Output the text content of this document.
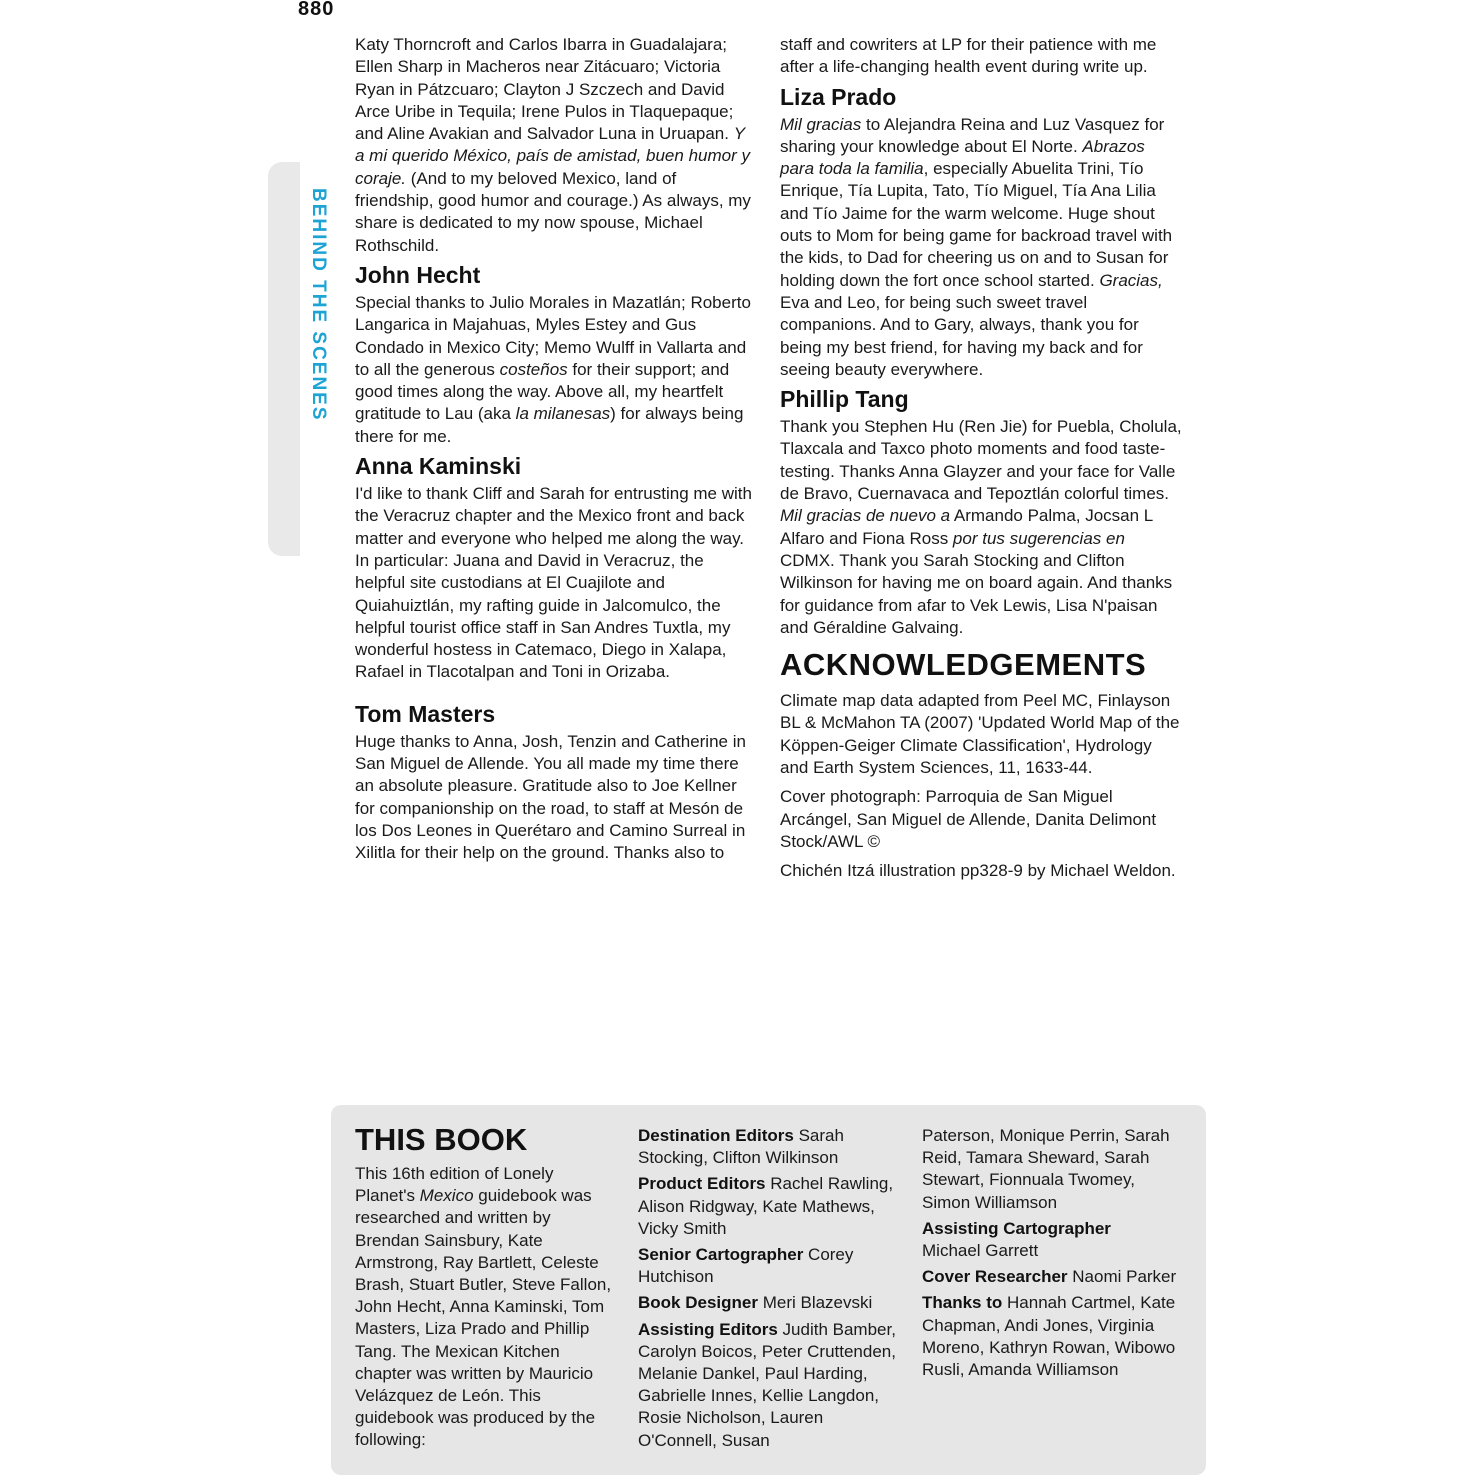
880
BEHIND THE SCENES

Katy Thorncroft and Carlos Ibarra in Guadalajara; Ellen Sharp in Macheros near Zitácuaro; Victoria Ryan in Pátzcuaro; Clayton J Szczech and David Arce Uribe in Tequila; Irene Pulos in Tlaquepaque; and Aline Avakian and Salvador Luna in Uruapan. Y a mi querido México, país de amistad, buen humor y coraje. (And to my beloved Mexico, land of friendship, good humor and courage.) As always, my share is dedicated to my now spouse, Michael Rothschild.

John Hecht

Special thanks to Julio Morales in Mazatlán; Roberto Langarica in Majahuas, Myles Estey and Gus Condado in Mexico City; Memo Wulff in Vallarta and to all the generous costeños for their support; and good times along the way. Above all, my heartfelt gratitude to Lau (aka la milanesas) for always being there for me.

Anna Kaminski

I'd like to thank Cliff and Sarah for entrusting me with the Veracruz chapter and the Mexico front and back matter and everyone who helped me along the way. In particular: Juana and David in Veracruz, the helpful site custodians at El Cuajilote and Quiahuiztlán, my rafting guide in Jalcomulco, the helpful tourist office staff in San Andres Tuxtla, my wonderful hostess in Catemaco, Diego in Xalapa, Rafael in Tlacotalpan and Toni in Orizaba.

Tom Masters

Huge thanks to Anna, Josh, Tenzin and Catherine in San Miguel de Allende. You all made my time there an absolute pleasure. Gratitude also to Joe Kellner for companionship on the road, to staff at Mesón de los Dos Leones in Querétaro and Camino Surreal in Xilitla for their help on the ground. Thanks also to

staff and cowriters at LP for their patience with me after a life-changing health event during write up.

Liza Prado

Mil gracias to Alejandra Reina and Luz Vasquez for sharing your knowledge about El Norte. Abrazos para toda la familia, especially Abuelita Trini, Tío Enrique, Tía Lupita, Tato, Tío Miguel, Tía Ana Lilia and Tío Jaime for the warm welcome. Huge shout outs to Mom for being game for backroad travel with the kids, to Dad for cheering us on and to Susan for holding down the fort once school started. Gracias, Eva and Leo, for being such sweet travel companions. And to Gary, always, thank you for being my best friend, for having my back and for seeing beauty everywhere.

Phillip Tang

Thank you Stephen Hu (Ren Jie) for Puebla, Cholula, Tlaxcala and Taxco photo moments and food taste-testing. Thanks Anna Glayzer and your face for Valle de Bravo, Cuernavaca and Tepoztlán colorful times. Mil gracias de nuevo a Armando Palma, Jocsan L Alfaro and Fiona Ross por tus sugerencias en CDMX. Thank you Sarah Stocking and Clifton Wilkinson for having me on board again. And thanks for guidance from afar to Vek Lewis, Lisa N'paisan and Géraldine Galvaing.

ACKNOWLEDGEMENTS

Climate map data adapted from Peel MC, Finlayson BL & McMahon TA (2007) 'Updated World Map of the Köppen-Geiger Climate Classification', Hydrology and Earth System Sciences, 11, 1633-44.

Cover photograph: Parroquia de San Miguel Arcángel, San Miguel de Allende, Danita Delimont Stock/AWL ©

Chichén Itzá illustration pp328-9 by Michael Weldon.

THIS BOOK

This 16th edition of Lonely Planet's Mexico guidebook was researched and written by Brendan Sainsbury, Kate Armstrong, Ray Bartlett, Celeste Brash, Stuart Butler, Steve Fallon, John Hecht, Anna Kaminski, Tom Masters, Liza Prado and Phillip Tang. The Mexican Kitchen chapter was written by Mauricio Velázquez de León. This guidebook was produced by the following:

Destination Editors Sarah Stocking, Clifton Wilkinson

Product Editors Rachel Rawling, Alison Ridgway, Kate Mathews, Vicky Smith

Senior Cartographer Corey Hutchison

Book Designer Meri Blazevski

Assisting Editors Judith Bamber, Carolyn Boicos, Peter Cruttenden, Melanie Dankel, Paul Harding, Gabrielle Innes, Kellie Langdon, Rosie Nicholson, Lauren O'Connell, Susan

Paterson, Monique Perrin, Sarah Reid, Tamara Sheward, Sarah Stewart, Fionnuala Twomey, Simon Williamson

Assisting Cartographer
Michael Garrett

Cover Researcher Naomi Parker

Thanks to Hannah Cartmel, Kate Chapman, Andi Jones, Virginia Moreno, Kathryn Rowan, Wibowo Rusli, Amanda Williamson
